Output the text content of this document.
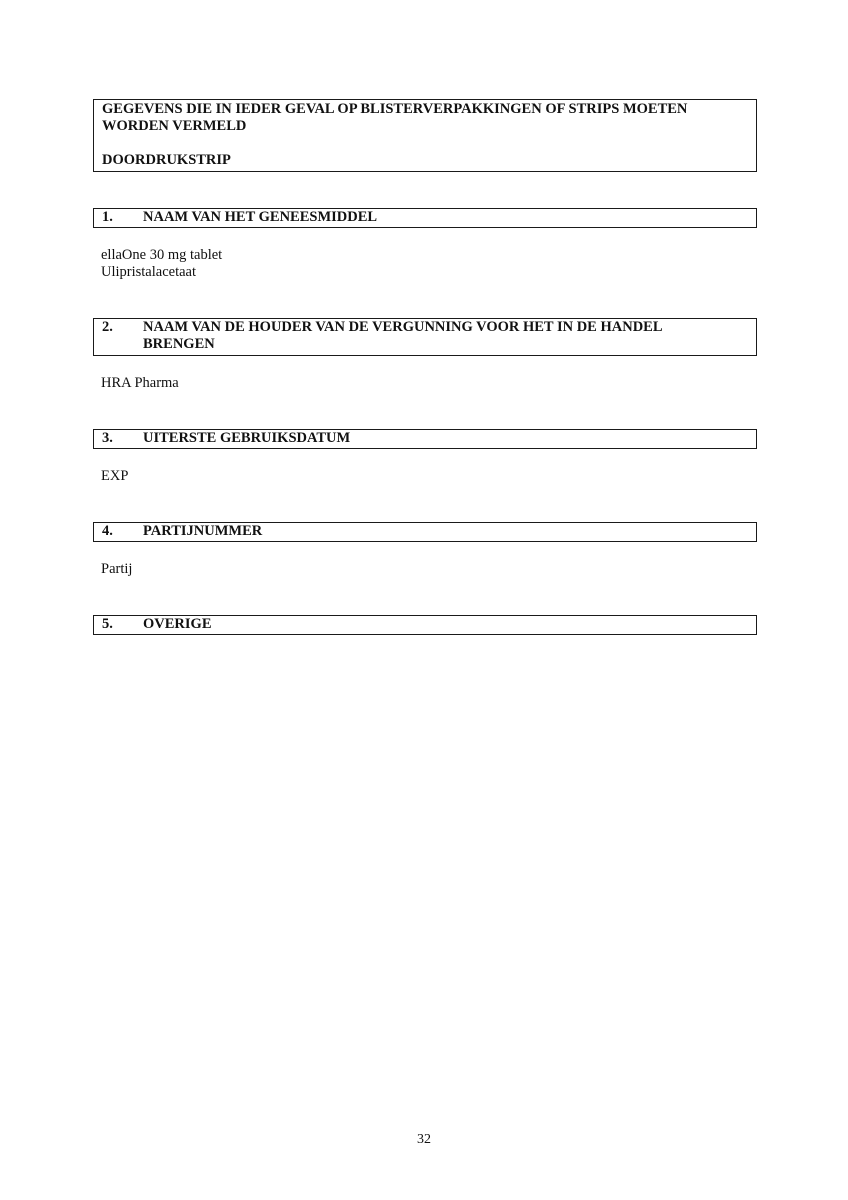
GEGEVENS DIE IN IEDER GEVAL OP BLISTERVERPAKKINGEN OF STRIPS MOETEN
WORDEN VERMELD
DOORDRUKSTRIP
1.	NAAM VAN HET GENEESMIDDEL
ellaOne 30 mg tablet
Ulipristalacetaat
2.	NAAM VAN DE HOUDER VAN DE VERGUNNING VOOR HET IN DE HANDEL
BRENGEN
HRA Pharma
3.	UITERSTE GEBRUIKSDATUM
EXP
4.	PARTIJNUMMER
Partij
5.	OVERIGE
32
